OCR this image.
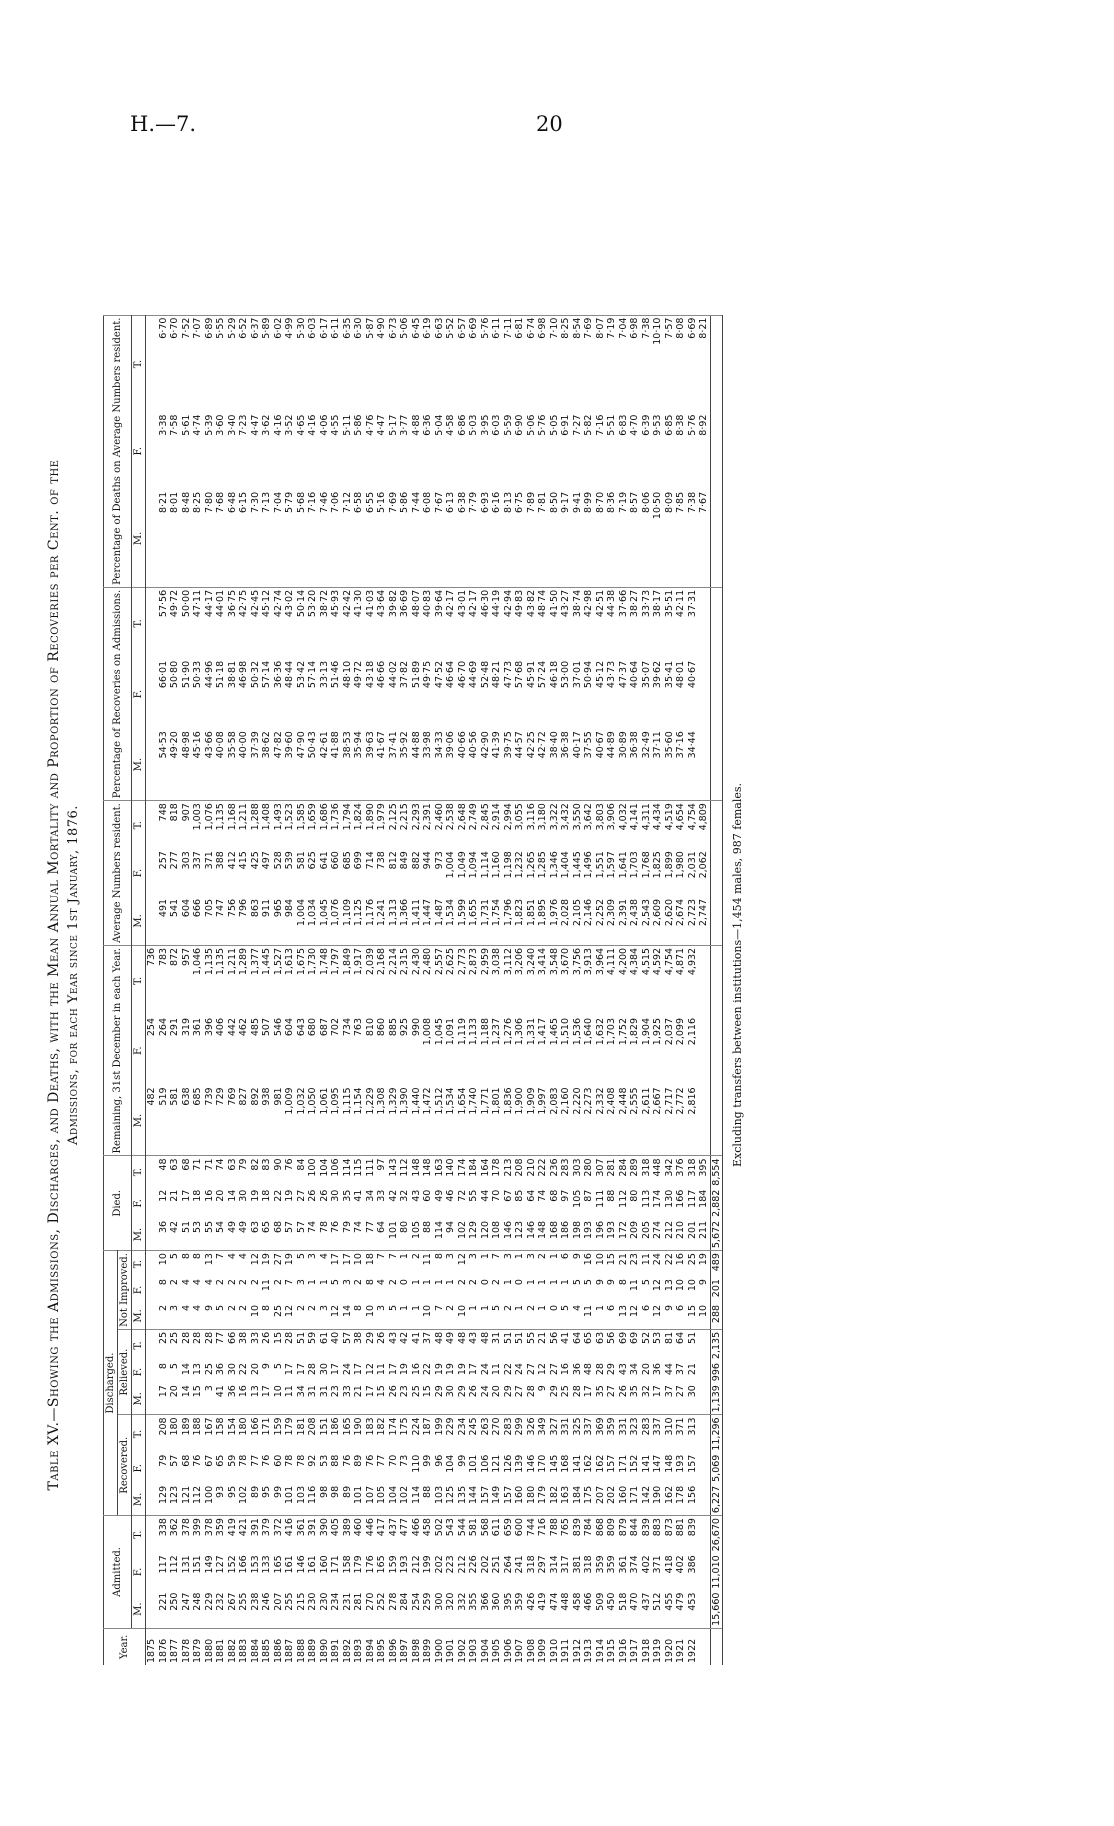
H.—7.	20
Table XV.—Showing the Admissions, Discharges, and Deaths, with the Mean Annual Mortality and Proportion of Recoveries per Cent. of the Admissions, for each Year since 1st January, 1876.
Year.	Admitted.			Discharged.									Died.			Remaining, 31st December in each Year.			Average Numbers resident.			Percentage of Recoveries on Admissions.			Percentage of Deaths on Average Numbers resident.		
				Recovered.			Relieved.			Not Improved.																	
	M.	F.	T.	M.	F.	T.	M.	F.	T.	M.	F.	T.	M.	F.	T.	M.	F.	T.	M.	F.	T.	M.	F.	T.	M.	F.	T.
1875																482	254	736									
1876	221	117	338	129	79	208	17	8	25	2	8	10	36	12	48	519	264	783	491	257	748	54·53	66·01	57·56	8·21	3·38	6·70
1877	250	112	362	123	57	180	20	5	25	3	2	5	42	21	63	581	291	872	541	277	818	49·20	50·80	49·72	8·01	7·58	6·70
1878	247	131	378	121	68	189	14	14	28	4	4	8	51	17	68	638	319	957	604	303	907	48·98	51·90	50·00	8·48	5·61	7·52
1879	248	151	399	112	76	188	15	13	28	4	4	8	53	18	71	685	361	1,046	666	337	1,003	45·16	50·33	47·11	8·25	4·74	7·07
1880	229	149	378	100	67	167	3	25	28	9	4	13	55	16	71	739	396	1,135	705	371	1,076	43·66	44·96	44·17	7·80	5·39	6·89
1881	232	127	359	93	65	158	41	36	77	5	2	7	54	20	74	729	406	1,135	747	388	1,135	40·08	51·18	44·01	7·68	3·60	5·55
1882	267	152	419	95	59	154	36	30	66	2	2	4	49	14	63	769	442	1,211	756	412	1,168	35·58	38·81	36·75	6·48	3·40	5·29
1883	255	166	421	102	78	180	16	22	38	2	2	4	49	30	79	827	462	1,289	796	415	1,211	40·00	46·98	42·75	6·15	7·23	6·52
1884	238	153	391	89	77	166	13	20	33	10	2	12	63	19	82	892	485	1,377	863	425	1,288	37·39	50·32	42·45	7·30	4·47	6·37
1885	246	133	379	95	76	171	17	9	26	8	11	19	65	18	83	938	507	1,445	911	497	1,408	38·62	57·14	45·12	7·13	3·62	5·89
1886	207	165	372	99	60	159	10	5	15	25	2	27	68	22	90	981	546	1,527	965	528	1,493	47·82	36·36	42·74	7·04	4·16	6·02
1887	255	161	416	101	78	179	11	17	28	12	7	19	57	19	76	1,009	604	1,613	984	539	1,523	39·60	48·44	43·02	5·79	3·52	4·99
1888	215	146	361	103	78	181	34	17	51	2	3	5	57	27	84	1,032	643	1,675	1,004	581	1,585	47·90	53·42	50·14	5·68	4·65	5·30
1889	230	161	391	116	92	208	31	28	59	2	1	3	74	26	100	1,050	680	1,730	1,034	625	1,659	50·43	57·14	53·20	7·16	4·16	6·03
1890	230	160	390	98	53	151	31	30	61	3	1	4	78	26	104	1,061	687	1,748	1,045	641	1,686	42·61	33·13	38·72	7·46	4·06	6·17
1891	234	171	405	98	88	186	23	17	40	12	5	17	76	30	106	1,095	702	1,797	1,076	660	1,736	41·88	51·46	45·93	7·06	4·55	6·11
1892	231	158	389	89	76	165	33	24	57	14	3	17	79	35	114	1,115	734	1,849	1,109	685	1,794	38·53	48·10	42·42	7·12	5·11	6·35
1893	281	179	460	101	89	190	21	17	38	8	2	10	74	41	115	1,154	763	1,917	1,125	699	1,824	35·94	49·72	41·30	6·58	5·86	6·30
1894	270	176	446	107	76	183	17	12	29	10	8	18	77	34	111	1,229	810	2,039	1,176	714	1,890	39·63	43·18	41·03	6·55	4·76	5·87
1895	252	165	417	105	77	182	15	11	26	3	4	7	64	33	97	1,308	860	2,168	1,241	738	1,979	41·67	46·66	43·64	5·16	4·47	4·90
1896	278	159	437	104	70	174	26	17	43	5	2	7	101	42	143	1,329	885	2,214	1,313	812	2,125	37·41	44·02	39·82	7·69	5·17	6·73
1897	284	193	477	102	73	175	23	19	42	1	0	1	80	32	112	1,390	925	2,315	1,366	849	2,215	35·92	37·82	36·69	5·86	3·77	5·06
1898	254	212	466	114	110	224	25	16	41	1	1	2	105	43	148	1,440	990	2,430	1,411	882	2,293	44·88	51·89	48·07	7·44	4·88	6·45
1899	259	199	458	88	99	187	15	22	37	10	1	11	88	60	148	1,472	1,008	2,480	1,447	944	2,391	33·98	49·75	40·83	6·08	6·36	6·19
1900	300	202	502	103	96	199	29	19	48	7	1	8	114	49	163	1,512	1,045	2,557	1,487	973	2,460	34·33	47·52	39·64	7·67	5·04	6·63
1901	320	223	543	125	104	229	30	19	49	2	1	3	94	46	140	1,534	1,091	2,625	1,534	1,004	2,538	39·06	46·64	42·17	6·13	4·58	5·52
1902	332	212	544	135	99	234	29	19	48	10	2	12	102	72	174	1,654	1,119	2,773	1,599	1,049	2,648	40·66	46·70	43·01	6·38	6·86	6·57
1903	355	226	581	144	101	245	26	17	43	1	2	3	129	55	184	1,740	1,133	2,873	1,655	1,094	2,749	40·56	44·69	42·17	7·79	5·03	6·69
1904	366	202	568	157	106	263	24	24	48	1	0	1	120	44	164	1,771	1,188	2,959	1,731	1,114	2,845	42·90	52·48	46·30	6·93	3·95	5·76
1905	360	251	611	149	121	270	20	11	31	5	2	7	108	70	178	1,801	1,237	3,038	1,754	1,160	2,914	41·39	48·21	44·19	6·16	6·03	6·11
1906	395	264	659	157	126	283	29	22	51	2	1	3	146	67	213	1,836	1,276	3,112	1,796	1,198	2,994	39·75	47·73	42·94	8·13	5·59	7·11
1907	359	241	600	160	139	299	27	24	51	1	0	1	123	85	208	1,900	1,306	3,206	1,823	1,232	3,055	44·57	57·68	49·83	6·75	6·90	6·81
1908	426	318	744	180	146	326	28	27	55	2	1	3	146	64	210	1,909	1,331	3,240	1,851	1,265	3,116	42·25	45·91	43·82	7·89	5·06	6·74
1909	419	297	716	179	170	349	9	12	21	1	1	2	148	74	222	1,997	1,417	3,414	1,895	1,285	3,180	42·72	57·24	48·74	7·81	5·76	6·98
1910	474	314	788	182	145	327	29	27	56	0	1	1	168	68	236	2,083	1,465	3,548	1,976	1,346	3,322	38·40	46·18	41·50	8·50	5·05	7·10
1911	448	317	765	163	168	331	25	16	41	5	1	6	186	97	283	2,160	1,510	3,670	2,028	1,404	3,432	36·38	53·00	43·27	9·17	6·91	8·25
1912	458	381	839	184	141	325	28	36	64	4	5	9	198	105	303	2,220	1,536	3,756	2,105	1,445	3,550	40·17	37·01	38·74	9·41	7·27	8·54
1913	466	318	784	175	162	337	17	48	65	11	5	16	193	87	280	2,273	1,640	3,913	2,146	1,496	3,642	37·55	50·94	42·98	8·99	5·82	7·69
1914	509	359	868	207	162	369	35	28	63	1	9	10	196	111	307	2,332	1,632	3,964	2,252	1,551	3,803	40·67	45·12	42·51	8·70	7·16	8·07
1915	450	359	809	202	157	359	27	29	56	6	9	15	193	88	281	2,408	1,703	4,111	2,309	1,597	3,906	44·89	43·73	44·38	8·36	5·51	7·19
1916	518	361	879	160	171	331	26	43	69	13	8	21	172	112	284	2,448	1,752	4,200	2,391	1,641	4,032	30·89	47·37	37·66	7·19	6·83	7·04
1917	470	374	844	171	152	323	35	34	69	12	11	23	209	80	289	2,555	1,829	4,384	2,438	1,703	4,141	36·38	40·64	38·27	8·57	4·70	6·98
1918	437	402	839	142	141	283	32	20	52	6	5	11	205	113	318	2,611	1,904	4,515	2,543	1,768	4,311	32·49	35·07	33·73	8·06	6·39	7·38
1919	512	371	883	190	147	337	17	36	53	12	12	24	274	174	448	2,667	1,925	4,592	2,609	1,825	4,434	37·11	39·62	38·17	10·50	9·53	10·10
1920	455	418	873	162	148	310	37	44	81	9	13	22	212	130	342	2,717	2,037	4,754	2,620	1,899	4,519	35·60	35·41	35·51	8·09	6·85	7·57
1921	479	402	881	178	193	371	27	37	64	6	10	16	210	166	376	2,772	2,099	4,871	2,674	1,980	4,654	37·16	48·01	42·11	7·85	8·38	8·08
1922	453	386	839	156	157	313	30	21	51	15	10	25	201	117	318	2,816	2,116	4,932	2,723	2,031	4,754	34·44	40·67	37·31	7·38	5·76	6·69
										10	9	19	211	184	395				2,747	2,062	4,809				7·67	8·92	8·21
	15,660	11,010	26,670	6,227	5,069	11,296	1,139	996	2,135	288	201	489	5,672	2,882	8,554												
Excluding transfers between institutions—1,454 males, 987 females.
